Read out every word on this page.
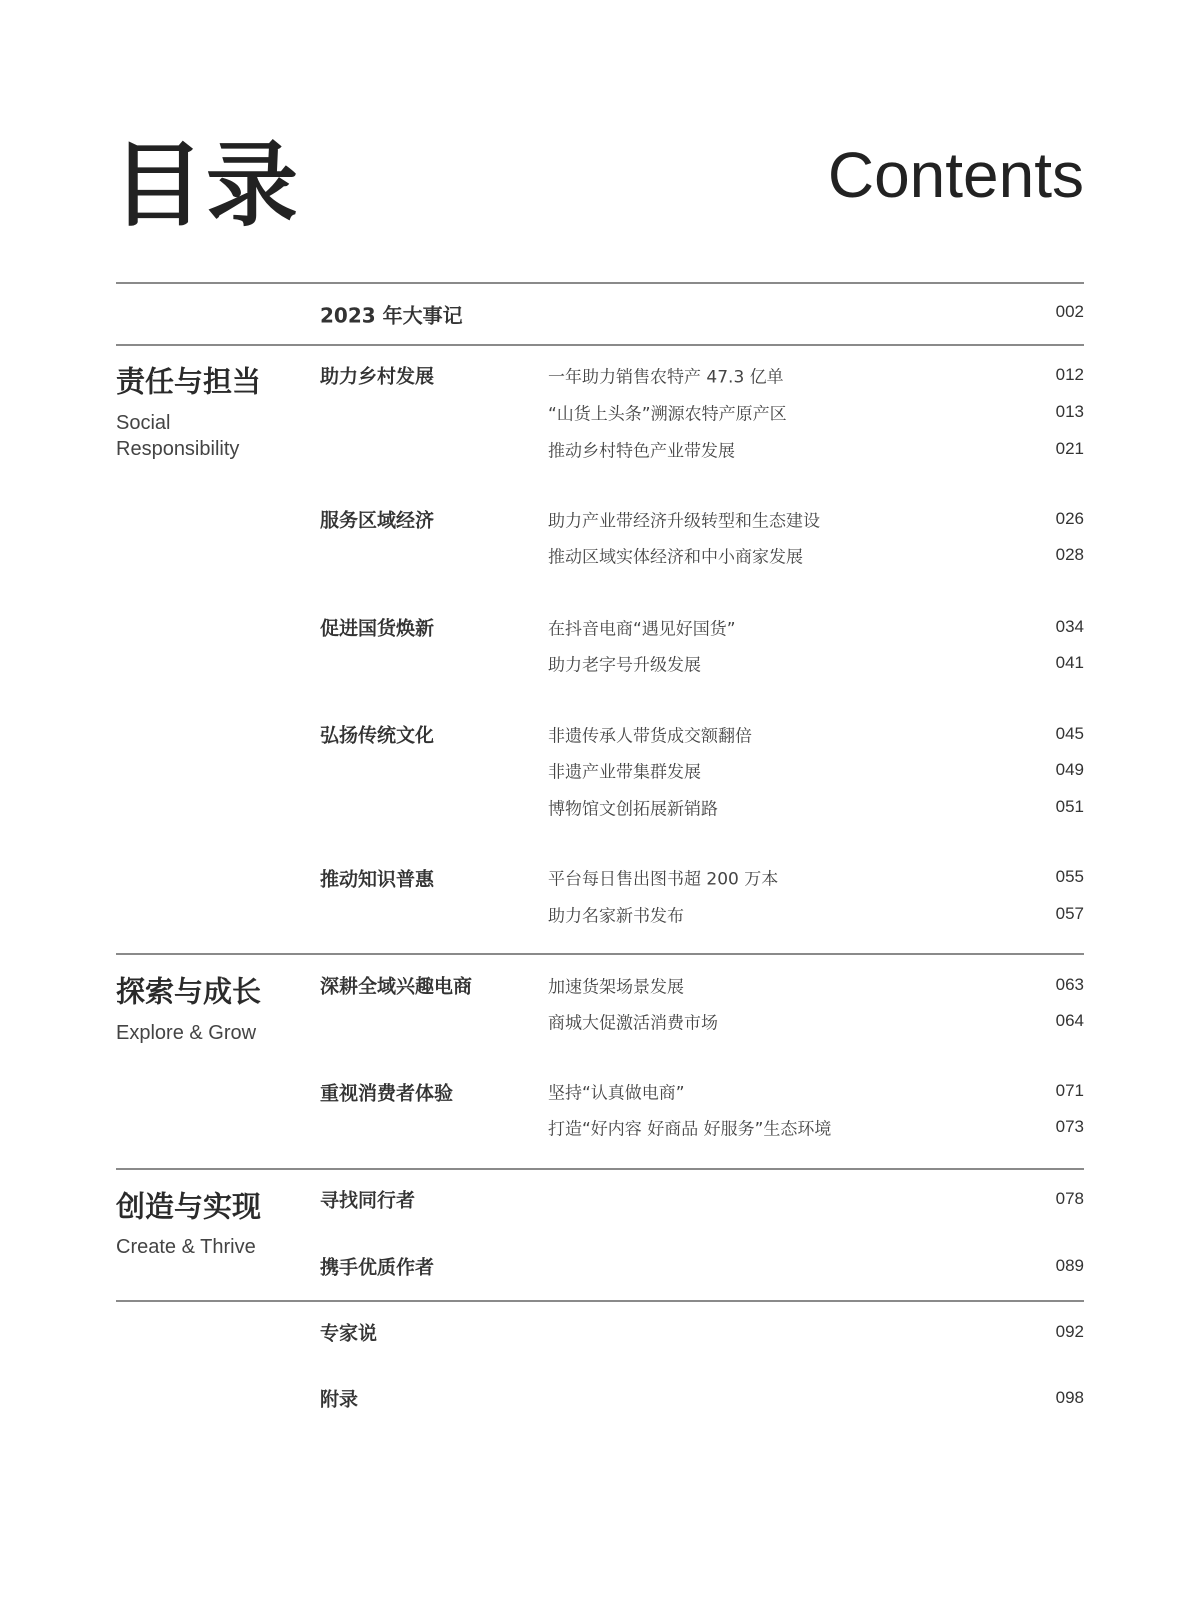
目录	Contents
2023 年大事记	002
责任与担当
Social
Responsibility
助力乡村发展	一年助力销售农特产 47.3 亿单	012
“山货上头条”溯源农特产原产区	013
推动乡村特色产业带发展	021
服务区域经济	助力产业带经济升级转型和生态建设	026
推动区域实体经济和中小商家发展	028
促进国货焕新	在抖音电商“遇见好国货”	034
助力老字号升级发展	041
弘扬传统文化	非遗传承人带货成交额翻倍	045
非遗产业带集群发展	049
博物馆文创拓展新销路	051
推动知识普惠	平台每日售出图书超 200 万本	055
助力名家新书发布	057
探索与成长
Explore & Grow
深耕全域兴趣电商	加速货架场景发展	063
商城大促激活消费市场	064
重视消费者体验	坚持“认真做电商”	071
打造“好内容 好商品 好服务”生态环境	073
创造与实现
Create & Thrive
寻找同行者	078
携手优质作者	089
专家说	092
附录	098
